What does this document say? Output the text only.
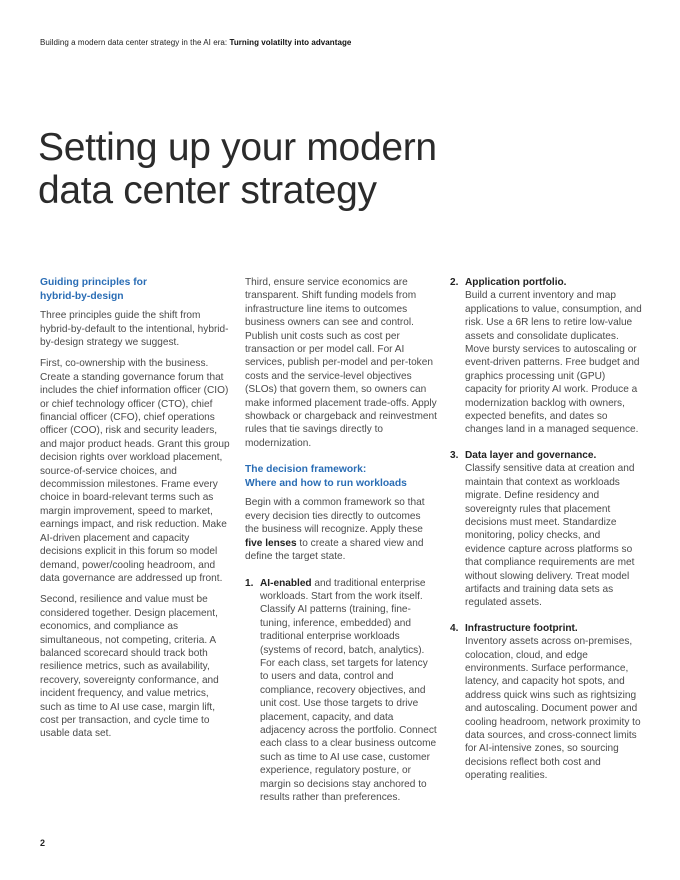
Building a modern data center strategy in the AI era: Turning volatilty into advantage
Setting up your modern
data center strategy
Guiding principles for
hybrid-by-design

Three principles guide the shift from hybrid-by-default to the intentional, hybrid-by-design strategy we suggest.

First, co-ownership with the business. Create a standing governance forum that includes the chief information officer (CIO) or chief technology officer (CTO), chief financial officer (CFO), chief operations officer (COO), risk and security leaders, and major product heads. Grant this group decision rights over workload placement, source-of-service choices, and decommission milestones. Frame every choice in board-relevant terms such as margin improvement, speed to market, earnings impact, and risk reduction. Make AI-driven placement and capacity decisions explicit in this forum so model demand, power/cooling headroom, and data governance are addressed up front.

Second, resilience and value must be considered together. Design placement, economics, and compliance as simultaneous, not competing, criteria. A balanced scorecard should track both resilience metrics, such as availability, recovery, sovereignty conformance, and incident frequency, and value metrics, such as time to AI use case, margin lift, cost per transaction, and cycle time to usable data set.

Third, ensure service economics are transparent. Shift funding models from infrastructure line items to outcomes business owners can see and control. Publish unit costs such as cost per transaction or per model call. For AI services, publish per-model and per-token costs and the service-level objectives (SLOs) that govern them, so owners can make informed placement trade-offs. Apply showback or chargeback and reinvestment rules that tie savings directly to modernization.

The decision framework:
Where and how to run workloads

Begin with a common framework so that every decision ties directly to outcomes the business will recognize. Apply these five lenses to create a shared view and define the target state.

1. AI-enabled and traditional enterprise workloads. Start from the work itself. Classify AI patterns (training, fine-tuning, inference, embedded) and traditional enterprise workloads (systems of record, batch, analytics). For each class, set targets for latency to users and data, control and compliance, recovery objectives, and unit cost. Use those targets to drive placement, capacity, and data adjacency across the portfolio. Connect each class to a clear business outcome such as time to AI use case, customer experience, regulatory posture, or margin so decisions stay anchored to results rather than preferences.
2. Application portfolio.
Build a current inventory and map applications to value, consumption, and risk. Use a 6R lens to retire low-value assets and consolidate duplicates. Move bursty services to autoscaling or event-driven patterns. Free budget and graphics processing unit (GPU) capacity for priority AI work. Produce a modernization backlog with owners, expected benefits, and dates so changes land in a managed sequence.
3. Data layer and governance.
Classify sensitive data at creation and maintain that context as workloads migrate. Define residency and sovereignty rules that placement decisions must meet. Standardize monitoring, policy checks, and evidence capture across platforms so that compliance requirements are met without slowing delivery. Treat model artifacts and training data sets as regulated assets.
4. Infrastructure footprint.
Inventory assets across on-premises, colocation, cloud, and edge environments. Surface performance, latency, and capacity hot spots, and address quick wins such as rightsizing and autoscaling. Document power and cooling headroom, network proximity to data sources, and cross-connect limits for AI-intensive zones, so sourcing decisions reflect both cost and operating realities.
2
